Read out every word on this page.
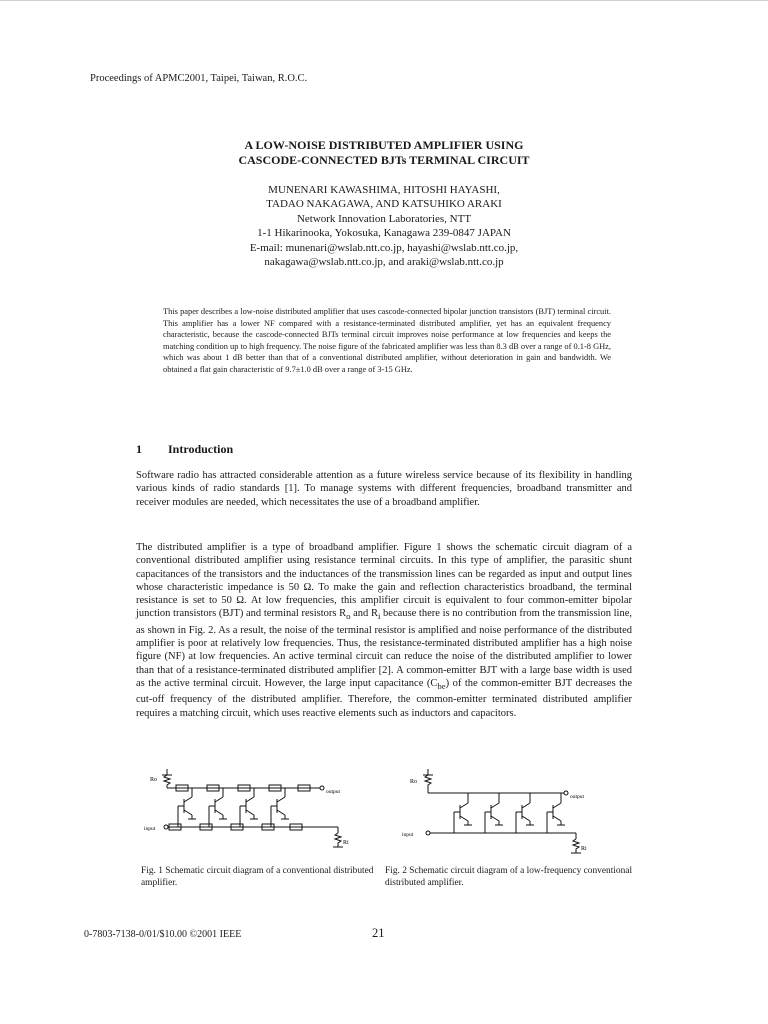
Proceedings of APMC2001, Taipei, Taiwan, R.O.C.
A LOW-NOISE DISTRIBUTED AMPLIFIER USING
CASCODE-CONNECTED BJTs TERMINAL CIRCUIT
MUNENARI KAWASHIMA, HITOSHI HAYASHI,
TADAO NAKAGAWA, AND KATSUHIKO ARAKI
Network Innovation Laboratories, NTT
1-1 Hikarinooka, Yokosuka, Kanagawa 239-0847 JAPAN
E-mail: munenari@wslab.ntt.co.jp, hayashi@wslab.ntt.co.jp,
nakagawa@wslab.ntt.co.jp, and araki@wslab.ntt.co.jp
This paper describes a low-noise distributed amplifier that uses cascode-connected bipolar junction transistors (BJT) terminal circuit. This amplifier has a lower NF compared with a resistance-terminated distributed amplifier, yet has an equivalent frequency characteristic, because the cascode-connected BJTs terminal circuit improves noise performance at low frequencies and keeps the matching condition up to high frequency. The noise figure of the fabricated amplifier was less than 8.3 dB over a range of 0.1-8 GHz, which was about 1 dB better than that of a conventional distributed amplifier, without deterioration in gain and bandwidth. We obtained a flat gain characteristic of 9.7±1.0 dB over a range of 3-15 GHz.
1 Introduction
Software radio has attracted considerable attention as a future wireless service because of its flexibility in handling various kinds of radio standards [1]. To manage systems with different frequencies, broadband transmitter and receiver modules are needed, which necessitates the use of a broadband amplifier.
The distributed amplifier is a type of broadband amplifier. Figure 1 shows the schematic circuit diagram of a conventional distributed amplifier using resistance terminal circuits. In this type of amplifier, the parasitic shunt capacitances of the transistors and the inductances of the transmission lines can be regarded as input and output lines whose characteristic impedance is 50 Ω. To make the gain and reflection characteristics broadband, the terminal resistance is set to 50 Ω. At low frequencies, this amplifier circuit is equivalent to four common-emitter bipolar junction transistors (BJT) and terminal resistors $R_o$ and $R_i$ because there is no contribution from the transmission line, as shown in Fig. 2. As a result, the noise of the terminal resistor is amplified and noise performance of the distributed amplifier is poor at relatively low frequencies. Thus, the resistance-terminated distributed amplifier has a high noise figure (NF) at low frequencies. An active terminal circuit can reduce the noise of the distributed amplifier to lower than that of a resistance-terminated distributed amplifier [2]. A common-emitter BJT with a large base width is used as the active terminal circuit. However, the large input capacitance $(C_{be})$ of the common-emitter BJT decreases the cut-off frequency of the distributed amplifier. Therefore, the common-emitter terminated distributed amplifier requires a matching circuit, which uses reactive elements such as inductors and capacitors.
Ro
output
input
Ri
Ro
output
input
Ri
Fig. 1 Schematic circuit diagram of a conventional distributed amplifier.
Fig. 2 Schematic circuit diagram of a low-frequency conventional distributed amplifier.
0-7803-7138-0/01/$10.00 ©2001 IEEE	21
